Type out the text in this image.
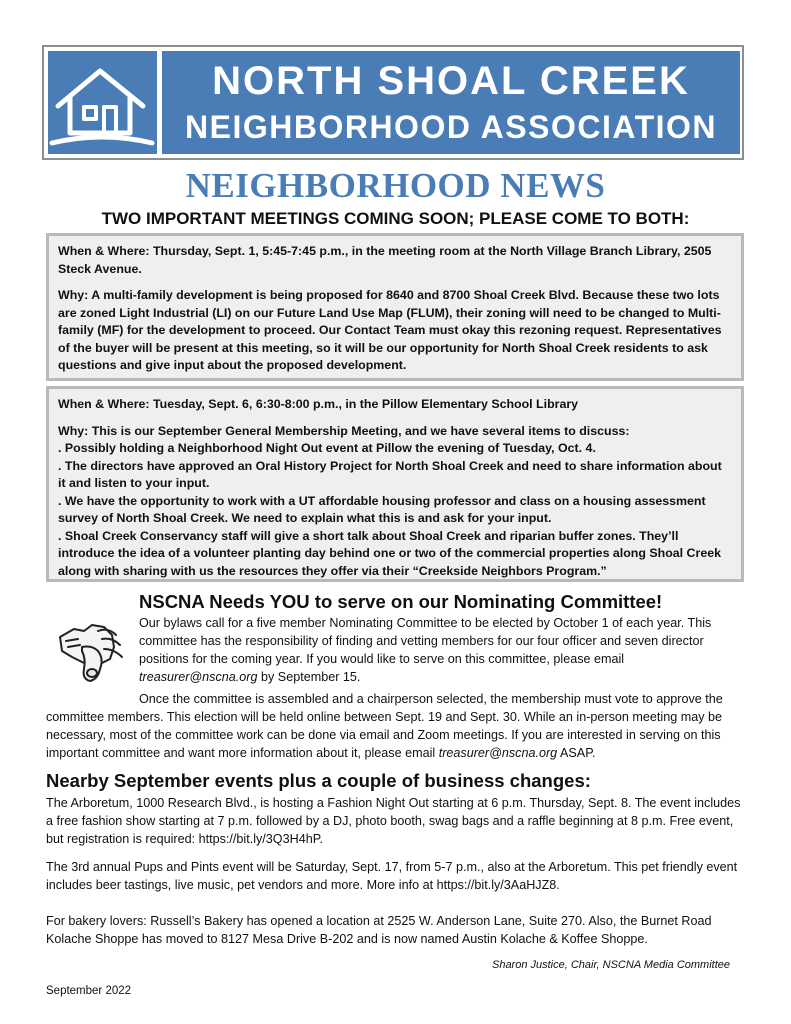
NORTH SHOAL CREEK
NEIGHBORHOOD ASSOCIATION
NEIGHBORHOOD NEWS
TWO IMPORTANT MEETINGS COMING SOON; PLEASE COME TO BOTH:

When & Where: Thursday, Sept. 1, 5:45-7:45 p.m., in the meeting room at the North Village Branch Library, 2505 Steck Avenue.

Why: A multi-family development is being proposed for 8640 and 8700 Shoal Creek Blvd. Because these two lots are zoned Light Industrial (LI) on our Future Land Use Map (FLUM), their zoning will need to be changed to Multi-family (MF) for the development to proceed. Our Contact Team must okay this rezoning request. Representatives of the buyer will be present at this meeting, so it will be our opportunity for North Shoal Creek residents to ask questions and give input about the proposed development.

When & Where: Tuesday, Sept. 6, 6:30-8:00 p.m., in the Pillow Elementary School Library

Why: This is our September General Membership Meeting, and we have several items to discuss:

. Possibly holding a Neighborhood Night Out event at Pillow the evening of Tuesday, Oct. 4.

. The directors have approved an Oral History Project for North Shoal Creek and need to share information about it and listen to your input.

. We have the opportunity to work with a UT affordable housing professor and class on a housing assessment survey of North Shoal Creek. We need to explain what this is and ask for your input.

. Shoal Creek Conservancy staff will give a short talk about Shoal Creek and riparian buffer zones. They’ll introduce the idea of a volunteer planting day behind one or two of the commercial properties along Shoal Creek along with sharing with us the resources they offer via their “Creekside Neighbors Program.”

NSCNA Needs YOU to serve on our Nominating Committee!
Our bylaws call for a five member Nominating Committee to be elected by October 1 of each year. This committee has the responsibility of finding and vetting members for our four officer and seven director positions for the coming year. If you would like to serve on this committee, please email treasurer@nscna.org by September 15.
Once the committee is assembled and a chairperson selected, the membership must vote to approve the committee members. This election will be held online between Sept. 19 and Sept. 30. While an in-person meeting may be necessary, most of the committee work can be done via email and Zoom meetings. If you are interested in serving on this important committee and want more information about it, please email treasurer@nscna.org ASAP.
Nearby September events plus a couple of business changes:
The Arboretum, 1000 Research Blvd., is hosting a Fashion Night Out starting at 6 p.m. Thursday, Sept. 8. The event includes a free fashion show starting at 7 p.m. followed by a DJ, photo booth, swag bags and a raffle beginning at 8 p.m. Free event, but registration is required: https://bit.ly/3Q3H4hP.
The 3rd annual Pups and Pints event will be Saturday, Sept. 17, from 5-7 p.m., also at the Arboretum. This pet friendly event includes beer tastings, live music, pet vendors and more. More info at https://bit.ly/3AaHJZ8.
For bakery lovers: Russell’s Bakery has opened a location at 2525 W. Anderson Lane, Suite 270. Also, the Burnet Road Kolache Shoppe has moved to 8127 Mesa Drive B-202 and is now named Austin Kolache & Koffee Shoppe.
Sharon Justice, Chair, NSCNA Media Committee
September 2022
